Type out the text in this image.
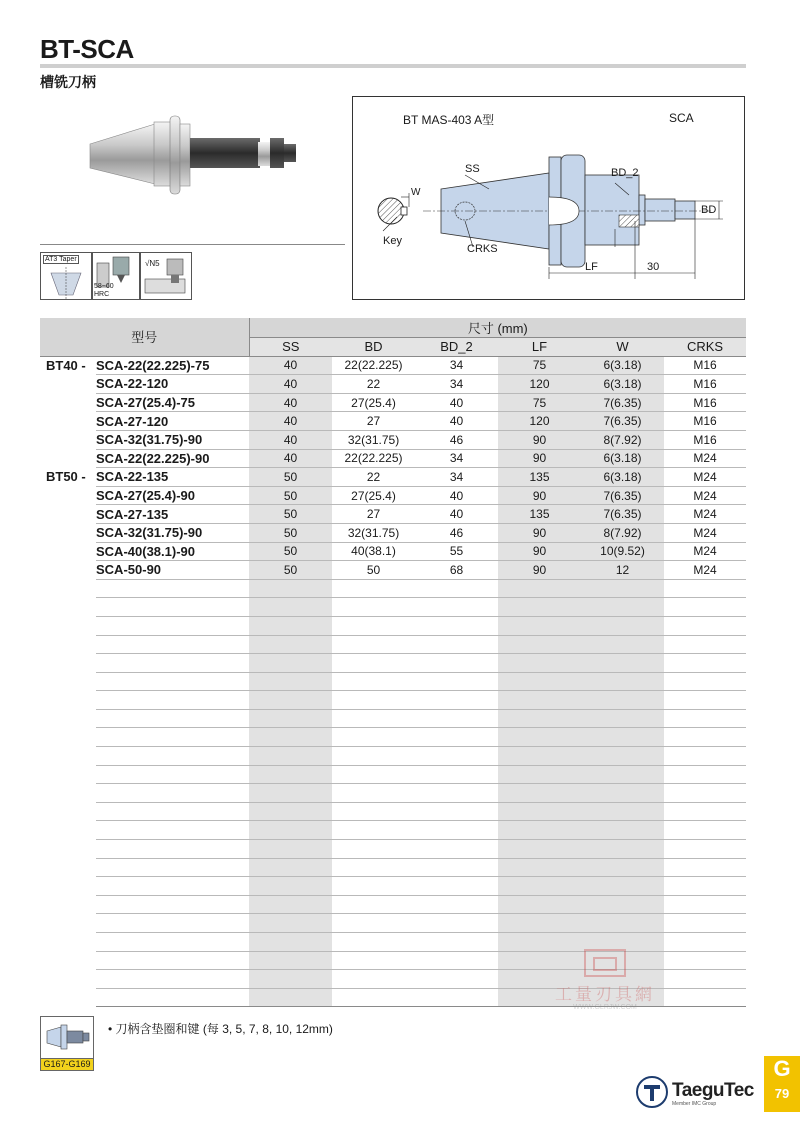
BT-SCA
槽铣刀柄
AT3 Taper
58~60HRC
√N5
BT MAS-403 A型	SCA
SS
W
Key
CRKS
BD_2
BD
LF	30
型号		尺寸 (mm)					
		SS	BD	BD_2	LF	W	CRKS
BT40 -	SCA-22(22.225)-75	40	22(22.225)	34	75	6(3.18)	M16
	SCA-22-120	40	22	34	120	6(3.18)	M16
	SCA-27(25.4)-75	40	27(25.4)	40	75	7(6.35)	M16
	SCA-27-120	40	27	40	120	7(6.35)	M16
	SCA-32(31.75)-90	40	32(31.75)	46	90	8(7.92)	M16
	SCA-22(22.225)-90	40	22(22.225)	34	90	6(3.18)	M24
BT50 -	SCA-22-135	50	22	34	135	6(3.18)	M24
	SCA-27(25.4)-90	50	27(25.4)	40	90	7(6.35)	M24
	SCA-27-135	50	27	40	135	7(6.35)	M24
	SCA-32(31.75)-90	50	32(31.75)	46	90	8(7.92)	M24
	SCA-40(38.1)-90	50	40(38.1)	55	90	10(9.52)	M24
	SCA-50-90	50	50	68	90	12	M24

工量刃具網
WWW.GLRJW.COM
G167-G169
• 刀柄含垫圈和键 (每 3, 5, 7, 8, 10, 12mm)
TaeguTec
Member IMC Group
G
79
